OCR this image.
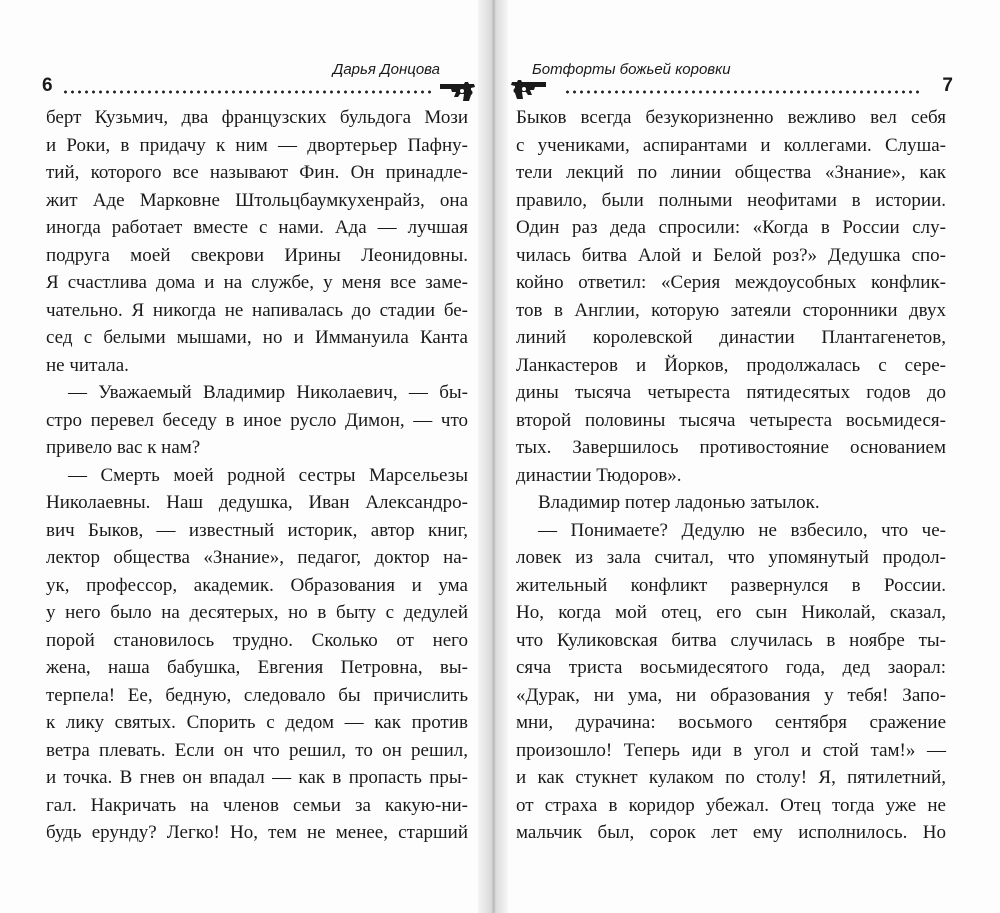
6
Дарья Донцова
берт Кузьмич, два французских бульдога Мози
и Роки, в придачу к ним — двортерьер Пафну-
тий, которого все называют Фин. Он принадле-
жит Аде Марковне Штольцбаумкухенрайз, она
иногда работает вместе с нами. Ада — лучшая
подруга моей свекрови Ирины Леонидовны.
Я счастлива дома и на службе, у меня все заме-
чательно. Я никогда не напивалась до стадии бе-
сед с белыми мышами, но и Иммануила Канта
не читала.
— Уважаемый Владимир Николаевич, — бы-
стро перевел беседу в иное русло Димон, — что
привело вас к нам?
— Смерть моей родной сестры Марсельезы
Николаевны. Наш дедушка, Иван Александро-
вич Быков, — известный историк, автор книг,
лектор общества «Знание», педагог, доктор на-
ук, профессор, академик. Образования и ума
у него было на десятерых, но в быту с дедулей
порой становилось трудно. Сколько от него
жена, наша бабушка, Евгения Петровна, вы-
терпела! Ее, бедную, следовало бы причислить
к лику святых. Спорить с дедом — как против
ветра плевать. Если он что решил, то он решил,
и точка. В гнев он впадал — как в пропасть пры-
гал. Накричать на членов семьи за какую-ни-
будь ерунду? Легко! Но, тем не менее, старший
Ботфорты божьей коровки
7
Быков всегда безукоризненно вежливо вел себя
с учениками, аспирантами и коллегами. Слуша-
тели лекций по линии общества «Знание», как
правило, были полными неофитами в истории.
Один раз деда спросили: «Когда в России слу-
чилась битва Алой и Белой роз?» Дедушка спо-
койно ответил: «Серия междоусобных конфлик-
тов в Англии, которую затеяли сторонники двух
линий королевской династии Плантагенетов,
Ланкастеров и Йорков, продолжалась с сере-
дины тысяча четыреста пятидесятых годов до
второй половины тысяча четыреста восьмидеся-
тых. Завершилось противостояние основанием
династии Тюдоров».
Владимир потер ладонью затылок.
— Понимаете? Дедулю не взбесило, что че-
ловек из зала считал, что упомянутый продол-
жительный конфликт развернулся в России.
Но, когда мой отец, его сын Николай, сказал,
что Куликовская битва случилась в ноябре ты-
сяча триста восьмидесятого года, дед заорал:
«Дурак, ни ума, ни образования у тебя! Запо-
мни, дурачина: восьмого сентября сражение
произошло! Теперь иди в угол и стой там!» —
и как стукнет кулаком по столу! Я, пятилетний,
от страха в коридор убежал. Отец тогда уже не
мальчик был, сорок лет ему исполнилось. Но
